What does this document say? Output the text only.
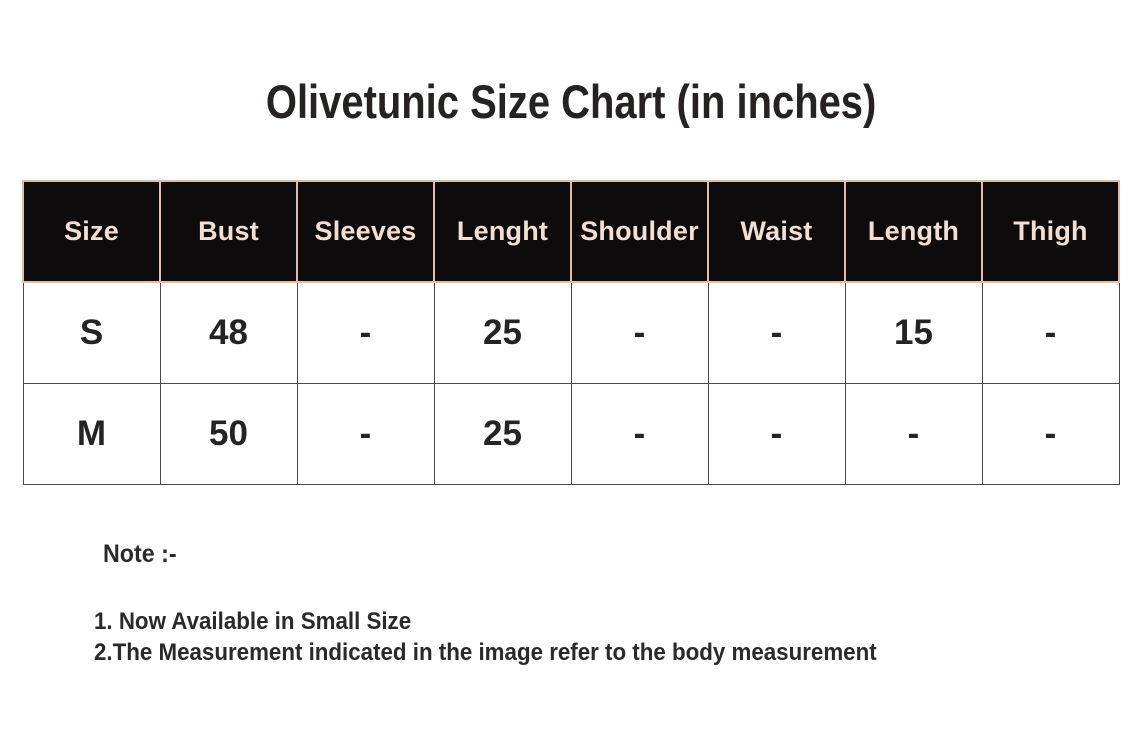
Olivetunic Size Chart (in inches)
Size	Bust	Sleeves	Lenght	Shoulder	Waist	Length	Thigh
S	48	-	25	-	-	15	-
M	50	-	25	-	-	-	-
Note :-
1. Now Available in Small Size
2.The Measurement indicated in the image refer to the body measurement
